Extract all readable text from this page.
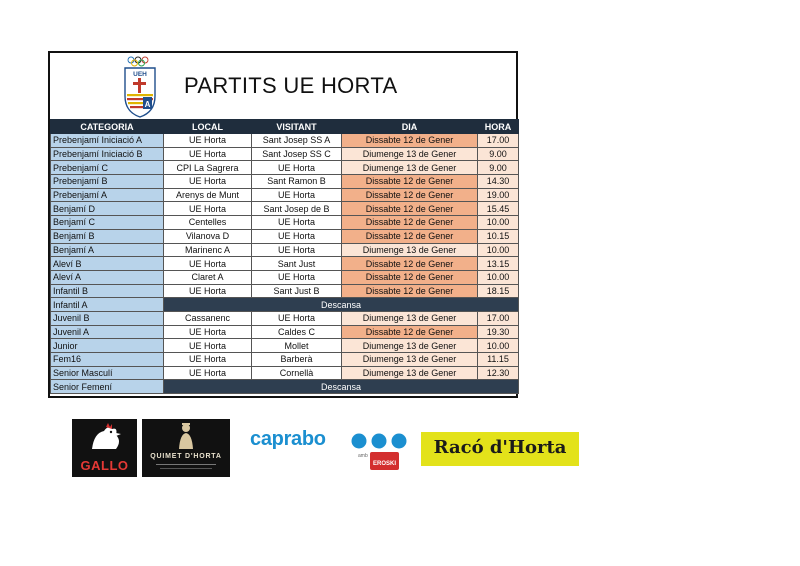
UEH
A
PARTITS UE HORTA
CATEGORIA	LOCAL	VISITANT	DIA	HORA
Prebenjamí Iniciació A	UE Horta	Sant Josep SS A	Dissabte 12 de Gener	17.00
Prebenjamí Iniciació B	UE Horta	Sant Josep SS C	Diumenge 13 de Gener	9.00
Prebenjamí C	CPI La Sagrera	UE Horta	Diumenge 13 de Gener	9.00
Prebenjamí B	UE Horta	Sant Ramon B	Dissabte 12 de Gener	14.30
Prebenjamí A	Arenys de Munt	UE Horta	Dissabte 12 de Gener	19.00
Benjamí D	UE Horta	Sant Josep de B	Dissabte 12 de Gener	15.45
Benjamí C	Centelles	UE Horta	Dissabte 12 de Gener	10.00
Benjamí B	Vilanova D	UE Horta	Dissabte 12 de Gener	10.15
Benjamí A	Marinenc A	UE Horta	Diumenge 13 de Gener	10.00
Aleví B	UE Horta	Sant Just	Dissabte 12 de Gener	13.15
Aleví A	Claret A	UE Horta	Dissabte 12 de Gener	10.00
Infantil B	UE Horta	Sant Just B	Dissabte 12 de Gener	18.15
Infantil A	Descansa			
Juvenil B	Cassanenc	UE Horta	Diumenge 13 de Gener	17.00
Juvenil A	UE Horta	Caldes C	Dissabte 12 de Gener	19.30
Junior	UE Horta	Mollet	Diumenge 13 de Gener	10.00
Fem16	UE Horta	Barberà	Diumenge 13 de Gener	11.15
Senior Masculí	UE Horta	Cornellà	Diumenge 13 de Gener	12.30
Senior Femení	Descansa			
GALLO
QUIMET D'HORTA
caprabo
amb
EROSKI
Racó d'Horta
